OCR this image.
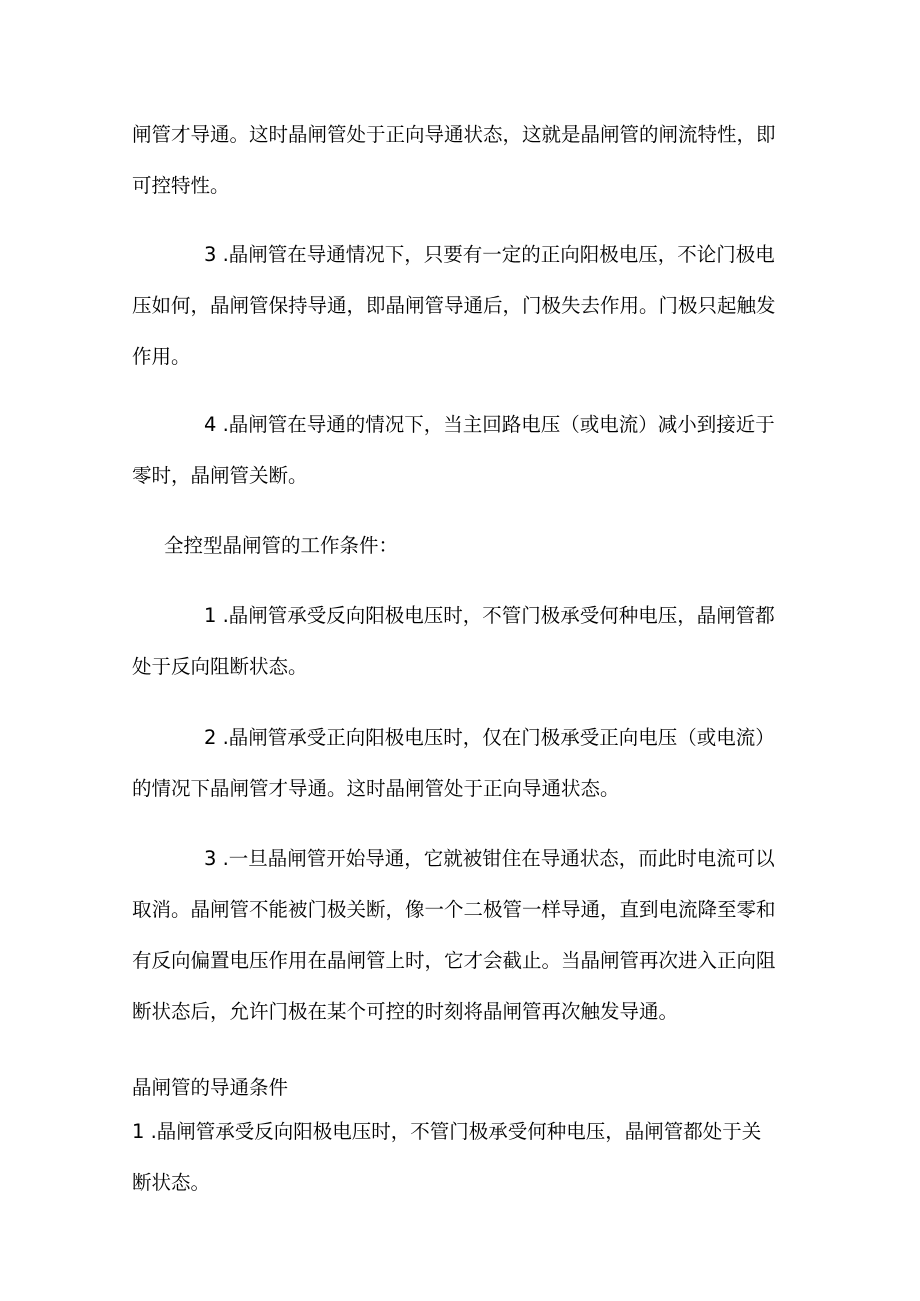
闸管才导通。这时晶闸管处于正向导通状态，这就是晶闸管的闸流特性，即
可控特性。

3 .晶闸管在导通情况下，只要有一定的正向阳极电压，不论门极电
压如何，晶闸管保持导通，即晶闸管导通后，门极失去作用。门极只起触发
作用。

4 .晶闸管在导通的情况下，当主回路电压（或电流）减小到接近于
零时，晶闸管关断。

全控型晶闸管的工作条件：

1 .晶闸管承受反向阳极电压时，不管门极承受何种电压，晶闸管都
处于反向阻断状态。

2 .晶闸管承受正向阳极电压时，仅在门极承受正向电压（或电流）
的情况下晶闸管才导通。这时晶闸管处于正向导通状态。

3 .一旦晶闸管开始导通，它就被钳住在导通状态，而此时电流可以
取消。晶闸管不能被门极关断，像一个二极管一样导通，直到电流降至零和
有反向偏置电压作用在晶闸管上时，它才会截止。当晶闸管再次进入正向阻
断状态后，允许门极在某个可控的时刻将晶闸管再次触发导通。

晶闸管的导通条件

1 .晶闸管承受反向阳极电压时，不管门极承受何种电压，晶闸管都处于关
断状态。
